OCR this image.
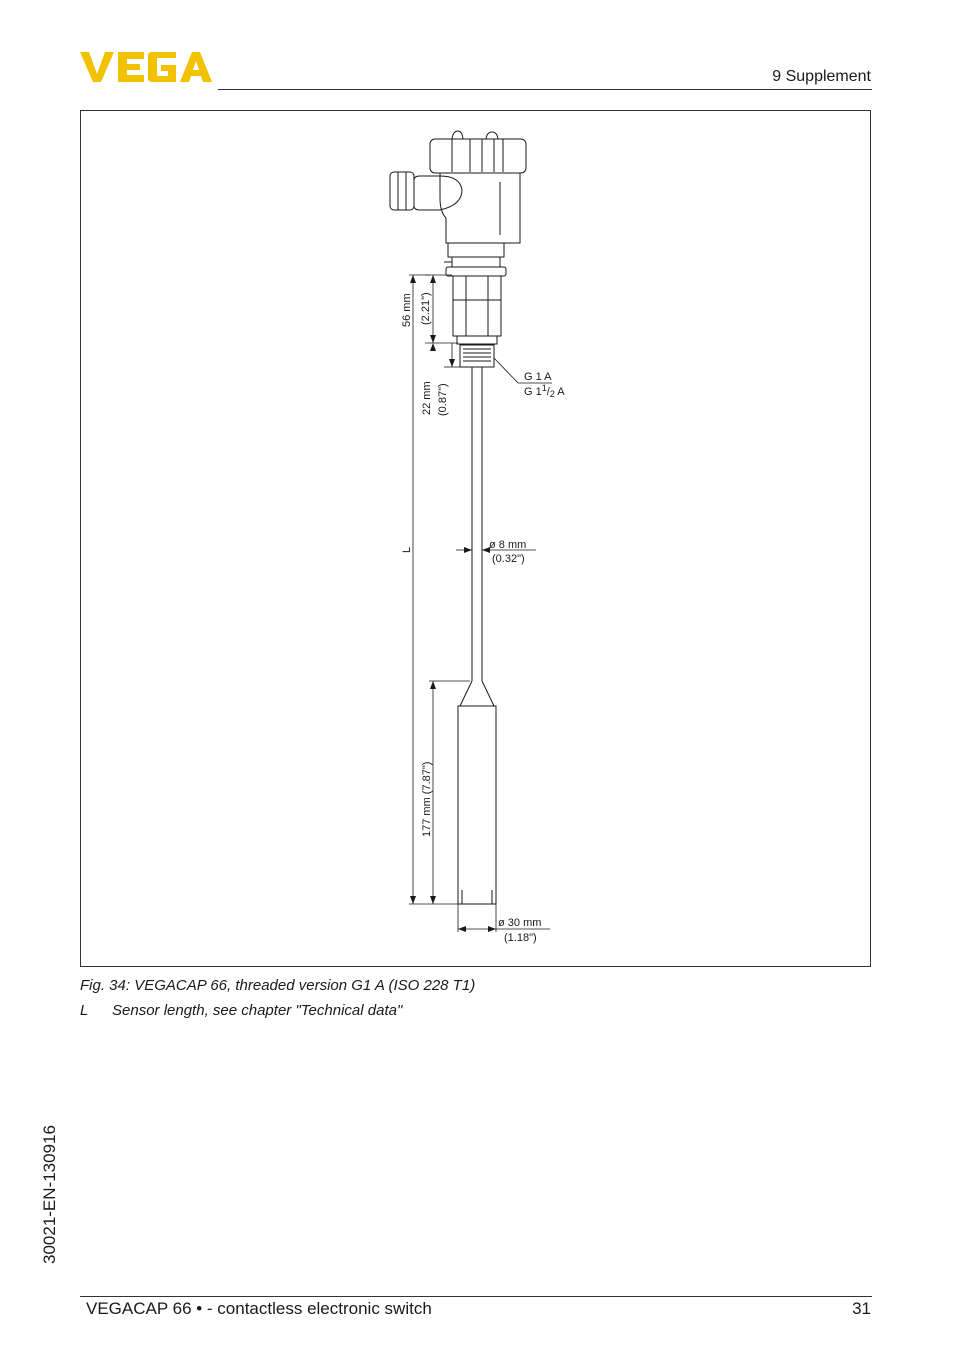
9 Supplement
56 mm (2.21")
22 mm (0.87")
L
177 mm (7.87")
G 1 A
G $1^1/2$ A
ø 8 mm
(0.32")
ø 30 mm
(1.18")
Fig. 34: VEGACAP 66, threaded version G1 A (ISO 228 T1)
L Sensor length, see chapter "Technical data"
30021-EN-130916
VEGACAP 66 • - contactless electronic switch	31
